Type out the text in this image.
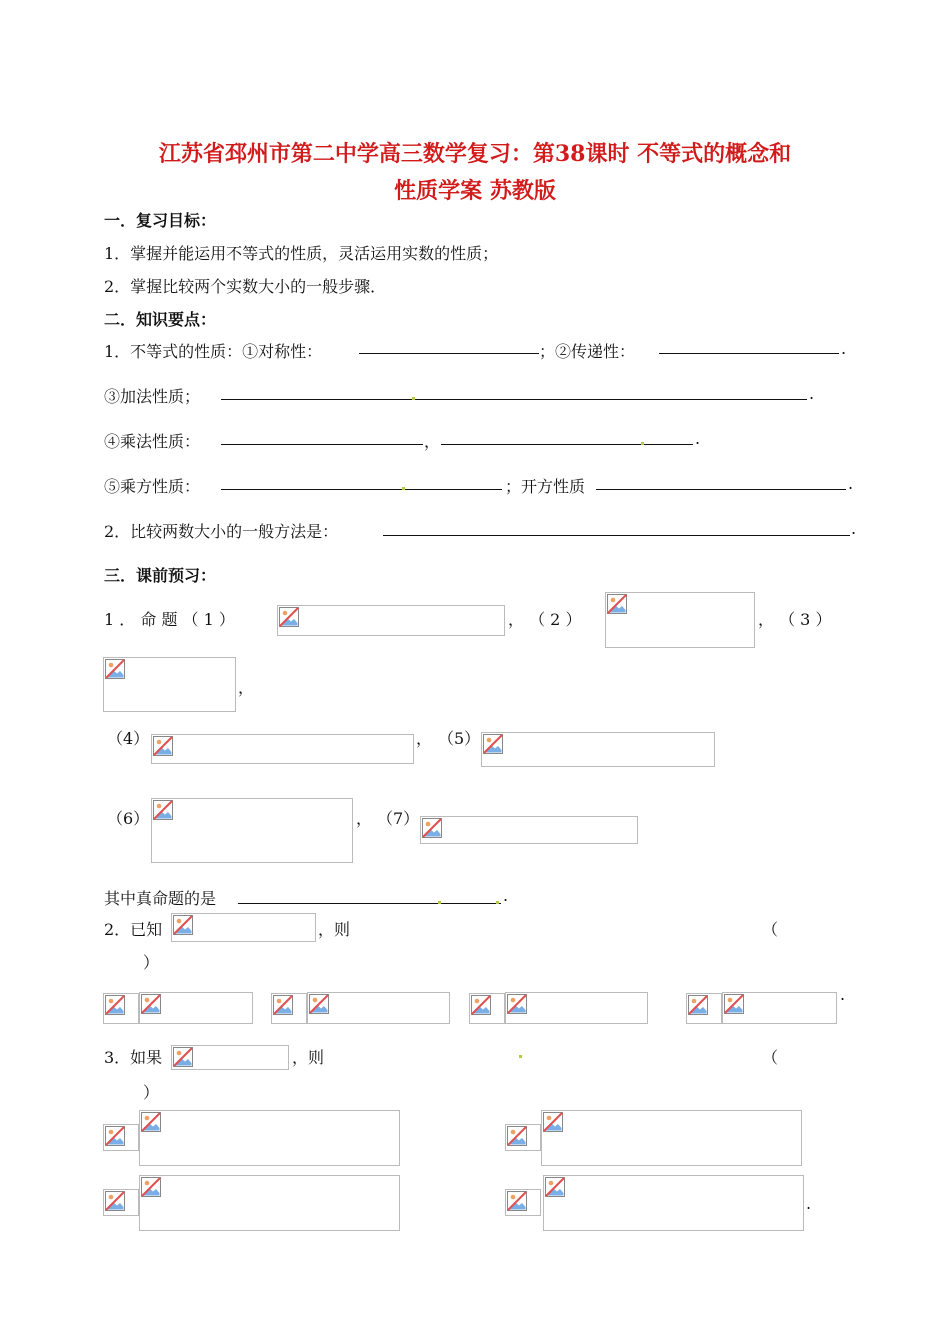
江苏省邳州市第二中学高三数学复习：第38课时 不等式的概念和
性质学案 苏教版
一．复习目标：
1．掌握并能运用不等式的性质，灵活运用实数的性质；
2．掌握比较两个实数大小的一般步骤．
二．知识要点：
1．不等式的性质：①对称性：	；②传递性：	.
③加法性质；	.
④乘法性质：	，	.
⑤乘方性质：	；开方性质	.
2．比较两数大小的一般方法是：	.
三．课前预习：
1 ． 命 题 （ 1 ）	， （ 2 ）	， （ 3 ）
，
（4）	， （5）
（6）	， （7）
其中真命题的是	.
2．已知	，则	（
）
.
3．如果	，则	（
）
.
